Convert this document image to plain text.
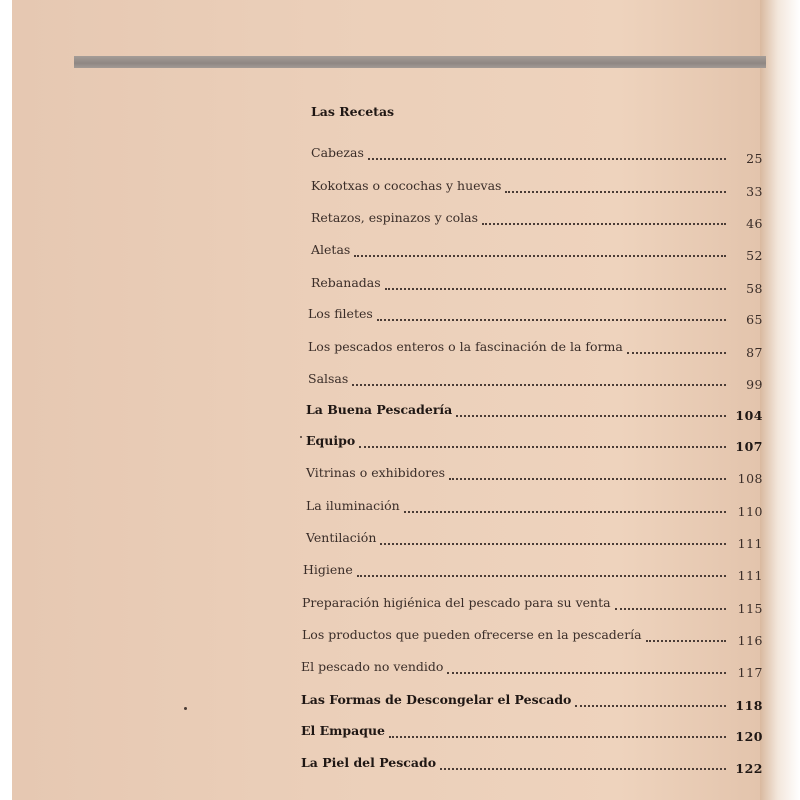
Las Recetas
Cabezas	25
Kokotxas o cocochas y huevas	33
Retazos, espinazos y colas	46
Aletas	52
Rebanadas	58
Los filetes	65
Los pescados enteros o la fascinación de la forma	87
Salsas	99
La Buena Pescadería	104
Equipo	107
Vitrinas o exhibidores	108
La iluminación	110
Ventilación	111
Higiene	111
Preparación higiénica del pescado para su venta	115
Los productos que pueden ofrecerse en la pescadería	116
El pescado no vendido	117
Las Formas de Descongelar el Pescado	118
El Empaque	120
La Piel del Pescado	122
